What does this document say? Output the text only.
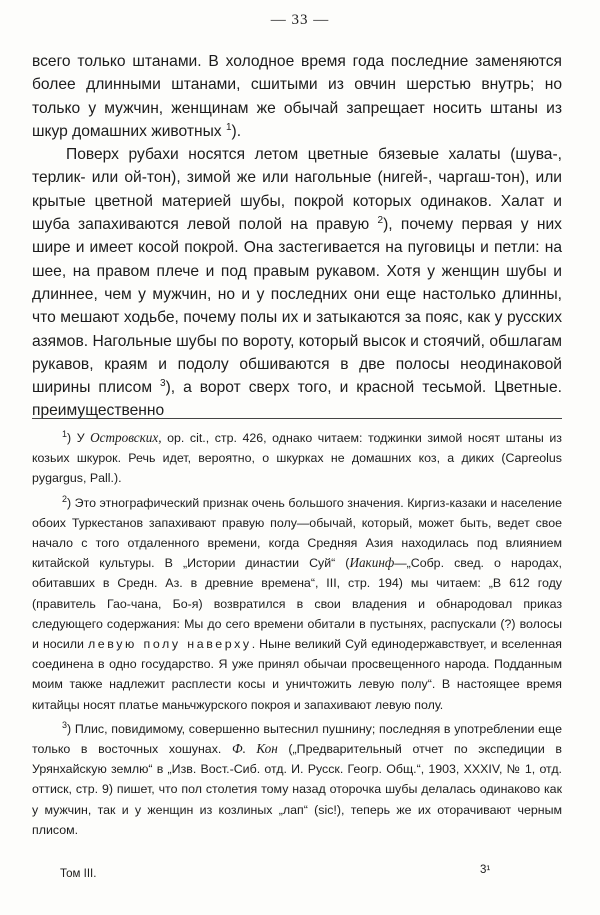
— 33 —

всего только штанами. В холодное время года последние заменяются более длинными штанами, сшитыми из овчин шерстью внутрь; но только у мужчин, женщинам же обычай запрещает носить штаны из шкур домашних животных $^1$).

Поверх рубахи носятся летом цветные бязевые халаты (шува-, терлик- или ой-тон), зимой же или нагольные (нигей-, чаргаш-тон), или крытые цветной материей шубы, покрой которых одинаков. Халат и шуба запахиваются левой полой на правую $^2$), почему первая у них шире и имеет косой покрой. Она застегивается на пуговицы и петли: на шее, на правом плече и под правым рукавом. Хотя у женщин шубы и длиннее, чем у мужчин, но и у последних они еще настолько длинны, что мешают ходьбе, почему полы их и затыкаются за пояс, как у русских азямов. Нагольные шубы по вороту, который высок и стоячий, обшлагам рукавов, краям и подолу обшиваются в две полосы неодинаковой ширины плисом $^3$), а ворот сверх того, и красной тесьмой. Цветные. преимущественно

$^1$) У Островских, op. cit., стр. 426, однако читаем: тоджинки зимой носят штаны из козьих шкурок. Речь идет, вероятно, о шкурках не домашних коз, а диких (Capreolus pygargus, Pall.).

$^2$) Это этнографический признак очень большого значения. Киргиз-казаки и население обоих Туркестанов запахивают правую полу—обычай, который, может быть, ведет свое начало с того отдаленного времени, когда Средняя Азия находилась под влиянием китайской культуры. В „Истории династии Суй“ (Иакинф—„Собр. свед. о народах, обитавших в Средн. Аз. в древние времена“, III, стр. 194) мы читаем: „В 612 году (правитель Гао-чана, Бо-я) возвратился в свои владения и обнародовал приказ следующего содержания: Мы до сего времени обитали в пустынях, распускали (?) волосы и носили левую полу наверху. Ныне великий Суй единодержавствует, и вселенная соединена в одно государство. Я уже принял обычаи просвещенного народа. Подданным моим также надлежит расплести косы и уничтожить левую полу“. В настоящее время китайцы носят платье маньчжурского покроя и запахивают левую полу.

$^3$) Плис, повидимому, совершенно вытеснил пушнину; последняя в употреблении еще только в восточных хошунах. Ф. Кон („Предварительный отчет по экспедиции в Урянхайскую землю“ в „Изв. Вост.-Сиб. отд. И. Русск. Геогр. Общ.“, 1903, XXXIV, № 1, отд. оттиск, стр. 9) пишет, что пол столетия тому назад оторочка шубы делалась одинаково как у мужчин, так и у женщин из козлиных „лап“ (sic!), теперь же их оторачивают черным плисом.

Том III.	3¹
